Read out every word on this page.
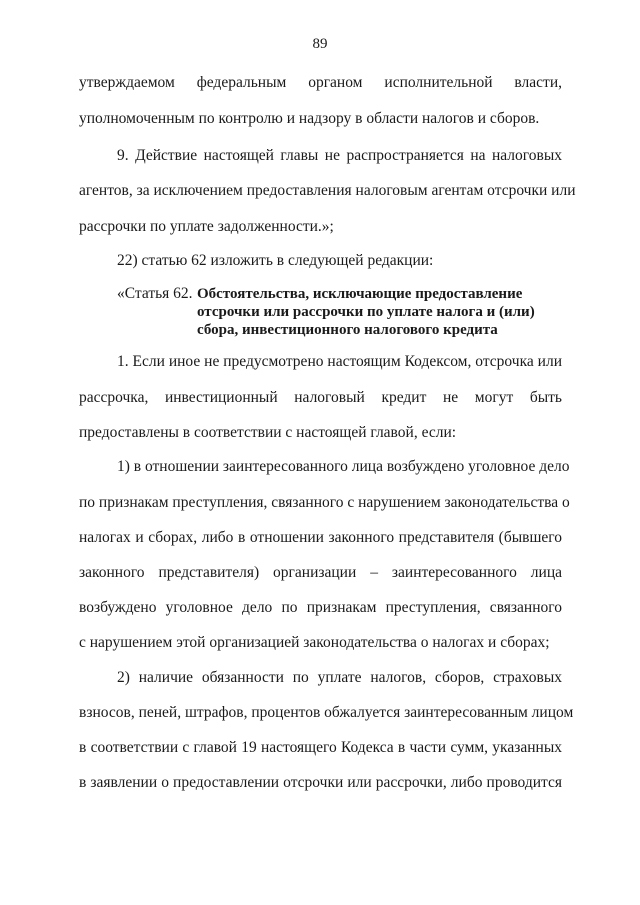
89
утверждаемом федеральным органом исполнительной власти,
уполномоченным по контролю и надзору в области налогов и сборов.
9. Действие настоящей главы не распространяется на налоговых
агентов, за исключением предоставления налоговым агентам отсрочки или
рассрочки по уплате задолженности.»;
22) статью 62 изложить в следующей редакции:
«Статья 62. Обстоятельства, исключающие предоставление
отсрочки или рассрочки по уплате налога и (или)
сбора, инвестиционного налогового кредита
1. Если иное не предусмотрено настоящим Кодексом, отсрочка или
рассрочка, инвестиционный налоговый кредит не могут быть
предоставлены в соответствии с настоящей главой, если:
1) в отношении заинтересованного лица возбуждено уголовное дело
по признакам преступления, связанного с нарушением законодательства о
налогах и сборах, либо в отношении законного представителя (бывшего
законного представителя) организации – заинтересованного лица
возбуждено уголовное дело по признакам преступления, связанного
с нарушением этой организацией законодательства о налогах и сборах;
2) наличие обязанности по уплате налогов, сборов, страховых
взносов, пеней, штрафов, процентов обжалуется заинтересованным лицом
в соответствии с главой 19 настоящего Кодекса в части сумм, указанных
в заявлении о предоставлении отсрочки или рассрочки, либо проводится
